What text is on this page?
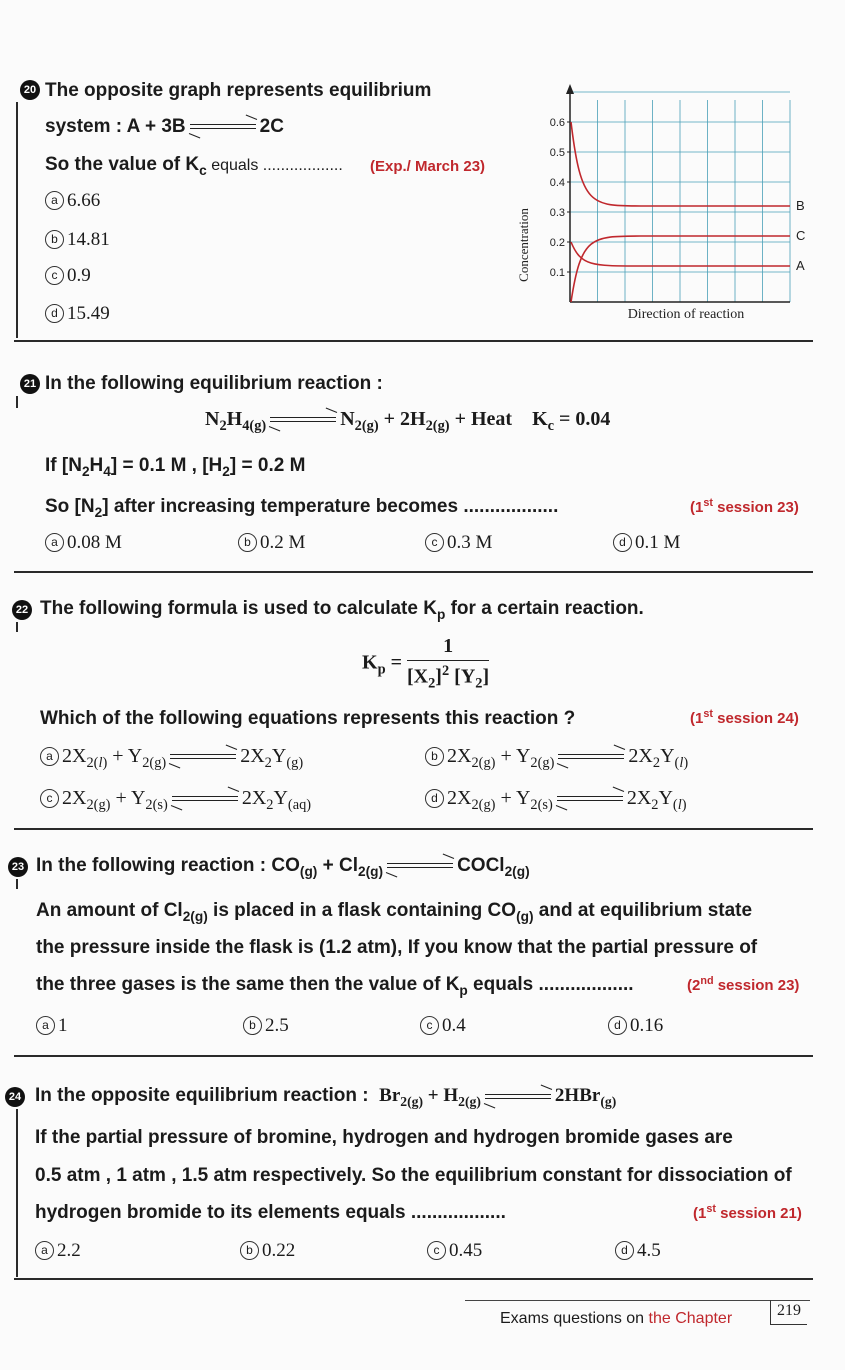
20 The opposite graph represents equilibrium
system : A + 3B	2C
So the value of $K_c$ equals .................. (Exp./ March 23)
a 6.66
b 14.81
c 0.9
d 15.49
0.1
0.2
0.3
0.4
0.5
0.6
B
C
A
Concentration
Direction of reaction
21 In the following equilibrium reaction :
$N_2H_{4(g)}$	$N_{2(g)} + 2H_{2(g)}$ + Heat    $K_c = 0.04$
If $[N_2H_4] = 0.1$ M , $[H_2] = 0.2$ M
So $[N_2]$ after increasing temperature becomes ..................	(1st session 23)
a 0.08 M	b 0.2 M	c 0.3 M	d 0.1 M
22 The following formula is used to calculate $K_p$ for a certain reaction.
$K_p = \frac{1}{[X_2]^2 [Y_2]}$
Which of the following equations represents this reaction ?	(1st session 24)
a $2X_{2(l)} + Y_{2(g)}$	$2X_2Y_{(g)}$	b $2X_{2(g)} + Y_{2(g)}$	$2X_2Y_{(l)}$
c $2X_{2(g)} + Y_{2(s)}$	$2X_2Y_{(aq)}$	d $2X_{2(g)} + Y_{2(s)}$	$2X_2Y_{(l)}$
23 In the following reaction : $CO_{(g)} + Cl_{2(g)}$	COCl$_{2(g)}$
An amount of $Cl_{2(g)}$ is placed in a flask containing $CO_{(g)}$ and at equilibrium state
the pressure inside the flask is (1.2 atm), If you know that the partial pressure of
the three gases is the same then the value of $K_p$ equals ..................	(2nd session 23)
a 1	b 2.5	c 0.4	d 0.16
24 In the opposite equilibrium reaction : $Br_{2(g)} + H_{2(g)}$	2HBr$_{(g)}$
If the partial pressure of bromine, hydrogen and hydrogen bromide gases are
0.5 atm , 1 atm , 1.5 atm respectively. So the equilibrium constant for dissociation of
hydrogen bromide to its elements equals ..................	(1st session 21)
a 2.2	b 0.22	c 0.45	d 4.5
Exams questions on the Chapter	219
